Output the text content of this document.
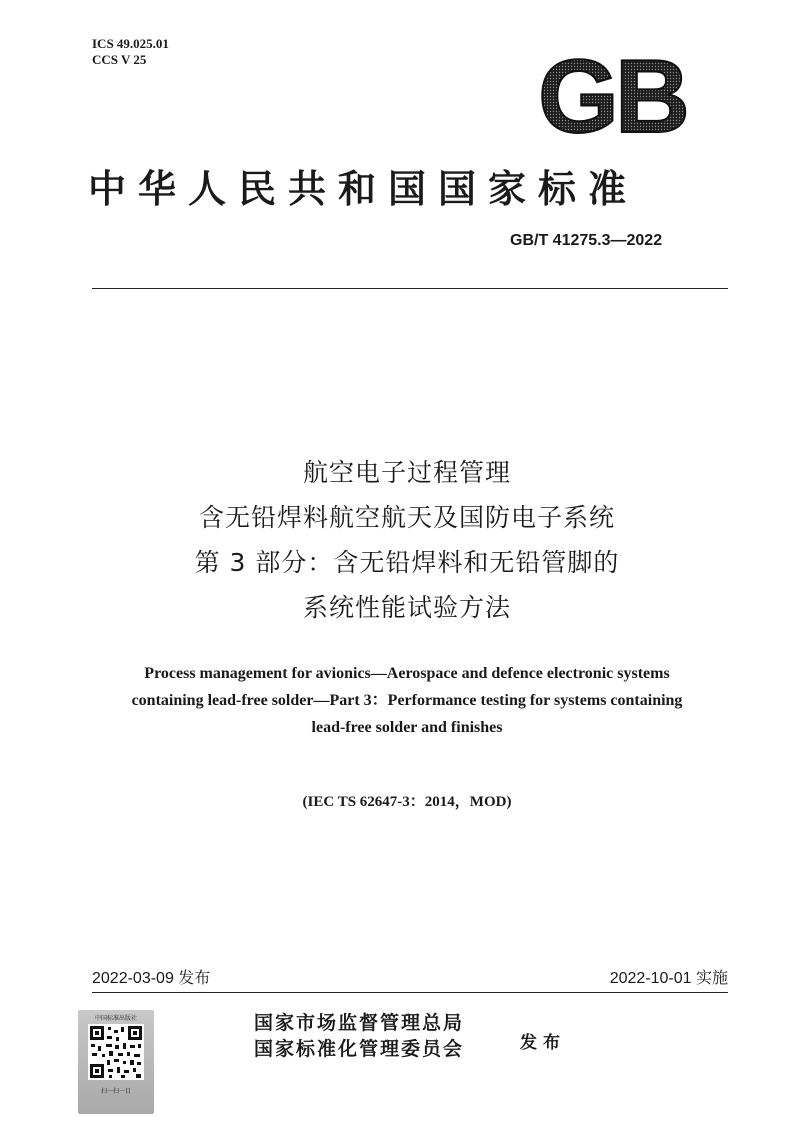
ICS 49.025.01
CCS V 25	GB
中华人民共和国国家标准
GB/T 41275.3—2022
航空电子过程管理
含无铅焊料航空航天及国防电子系统
第 3 部分：含无铅焊料和无铅管脚的
系统性能试验方法
Process management for avionics—Aerospace and defence electronic systems
containing lead-free solder—Part 3：Performance testing for systems containing
lead-free solder and finishes
(IEC TS 62647-3：2014，MOD)
2022-03-09 发布	2022-10-01 实施
中国标准出版社
扫一扫一目
国家市场监督管理总局
国家标准化管理委员会	发布
